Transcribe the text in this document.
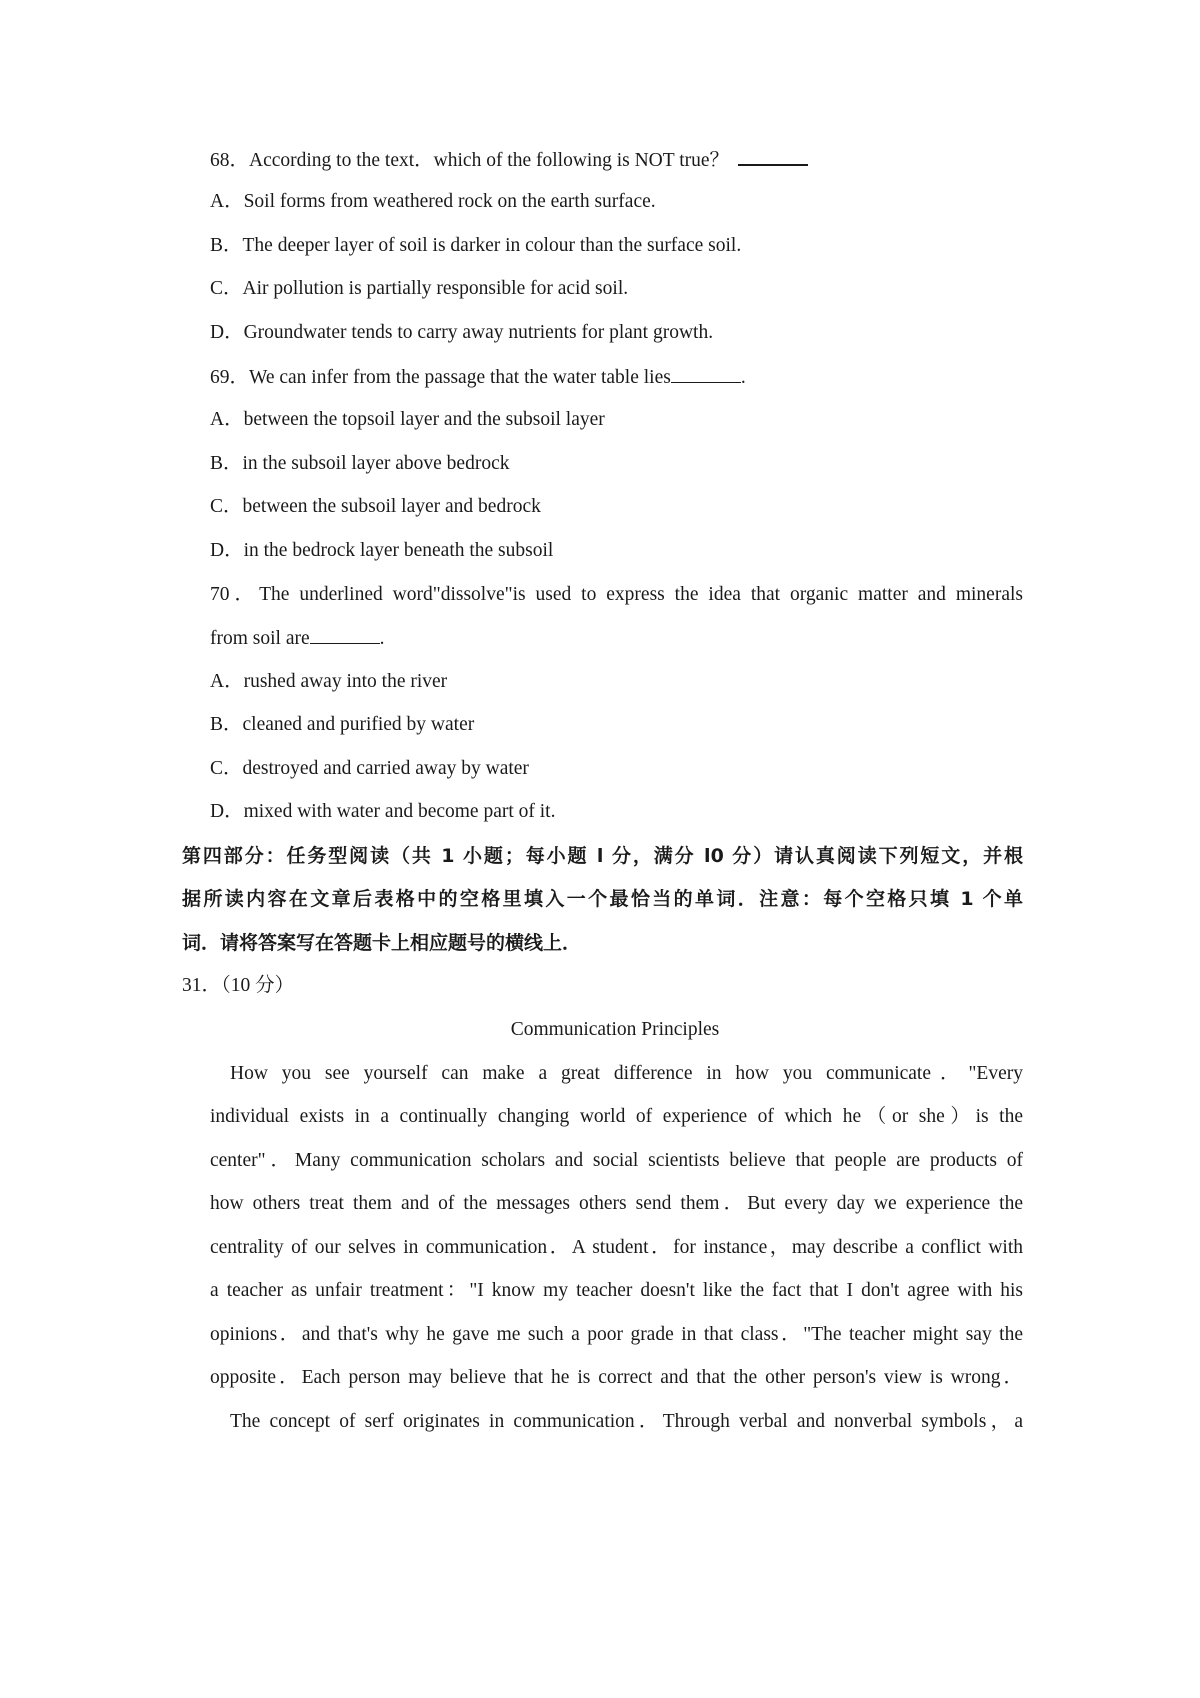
68．According to the text．which of the following is NOT true？
A．Soil forms from weathered rock on the earth surface.
B．The deeper layer of soil is darker in colour than the surface soil.
C．Air pollution is partially responsible for acid soil.
D．Groundwater tends to carry away nutrients for plant growth.
69．We can infer from the passage that the water table lies	.
A．between the topsoil layer and the subsoil layer
B．in the subsoil layer above bedrock
C．between the subsoil layer and bedrock
D．in the bedrock layer beneath the subsoil
70．The underlined word"dissolve"is used to express the idea that organic matter and minerals
from soil are	.
A．rushed away into the river
B．cleaned and purified by water
C．destroyed and carried away by water
D．mixed with water and become part of it.
第四部分：任务型阅读（共 1 小题；每小题 l 分，满分 l0 分）请认真阅读下列短文，并根
据所读内容在文章后表格中的空格里填入一个最恰当的单词．注意：每个空格只填 1 个单
词．请将答案写在答题卡上相应题号的横线上．
31．（10 分）
Communication Principles
How you see yourself can make a great difference in how you communicate．"Every
individual exists in a continually changing world of experience of which he（or she）is the
center"．Many communication scholars and social scientists believe that people are products of
how others treat them and of the messages others send them．But every day we experience the
centrality of our selves in communication．A student．for instance，may describe a conflict with
a teacher as unfair treatment："I know my teacher doesn't like the fact that I don't agree with his
opinions．and that's why he gave me such a poor grade in that class．"The teacher might say the
opposite．Each person may believe that he is correct and that the other person's view is wrong．
The concept of serf originates in communication．Through verbal and nonverbal symbols，a
